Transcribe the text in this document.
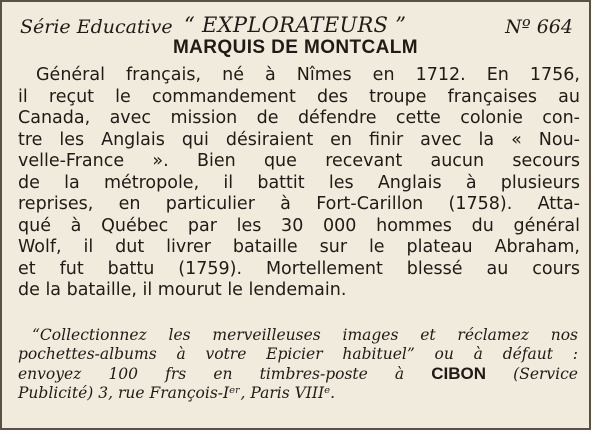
Série Educative “ EXPLORATEURS ”	Nº 664
MARQUIS DE MONTCALM
Général français, né à Nîmes en 1712. En 1756,
il reçut le commandement des troupe françaises au
Canada, avec mission de défendre cette colonie con-
tre les Anglais qui désiraient en finir avec la « Nou-
velle-France ». Bien que recevant aucun secours
de la métropole, il battit les Anglais à plusieurs
reprises, en particulier à Fort-Carillon (1758). Atta-
qué à Québec par les 30 000 hommes du général
Wolf, il dut livrer bataille sur le plateau Abraham,
et fut battu (1759). Mortellement blessé au cours
de la bataille, il mourut le lendemain.
“Collectionnez les merveilleuses images et réclamez nos
pochettes-albums à votre Epicier habituel” ou à défaut :
envoyez 100 frs en timbres-poste à CIBON (Service
Publicité) 3, rue François-Iᵉʳ, Paris VIIIᵉ.
